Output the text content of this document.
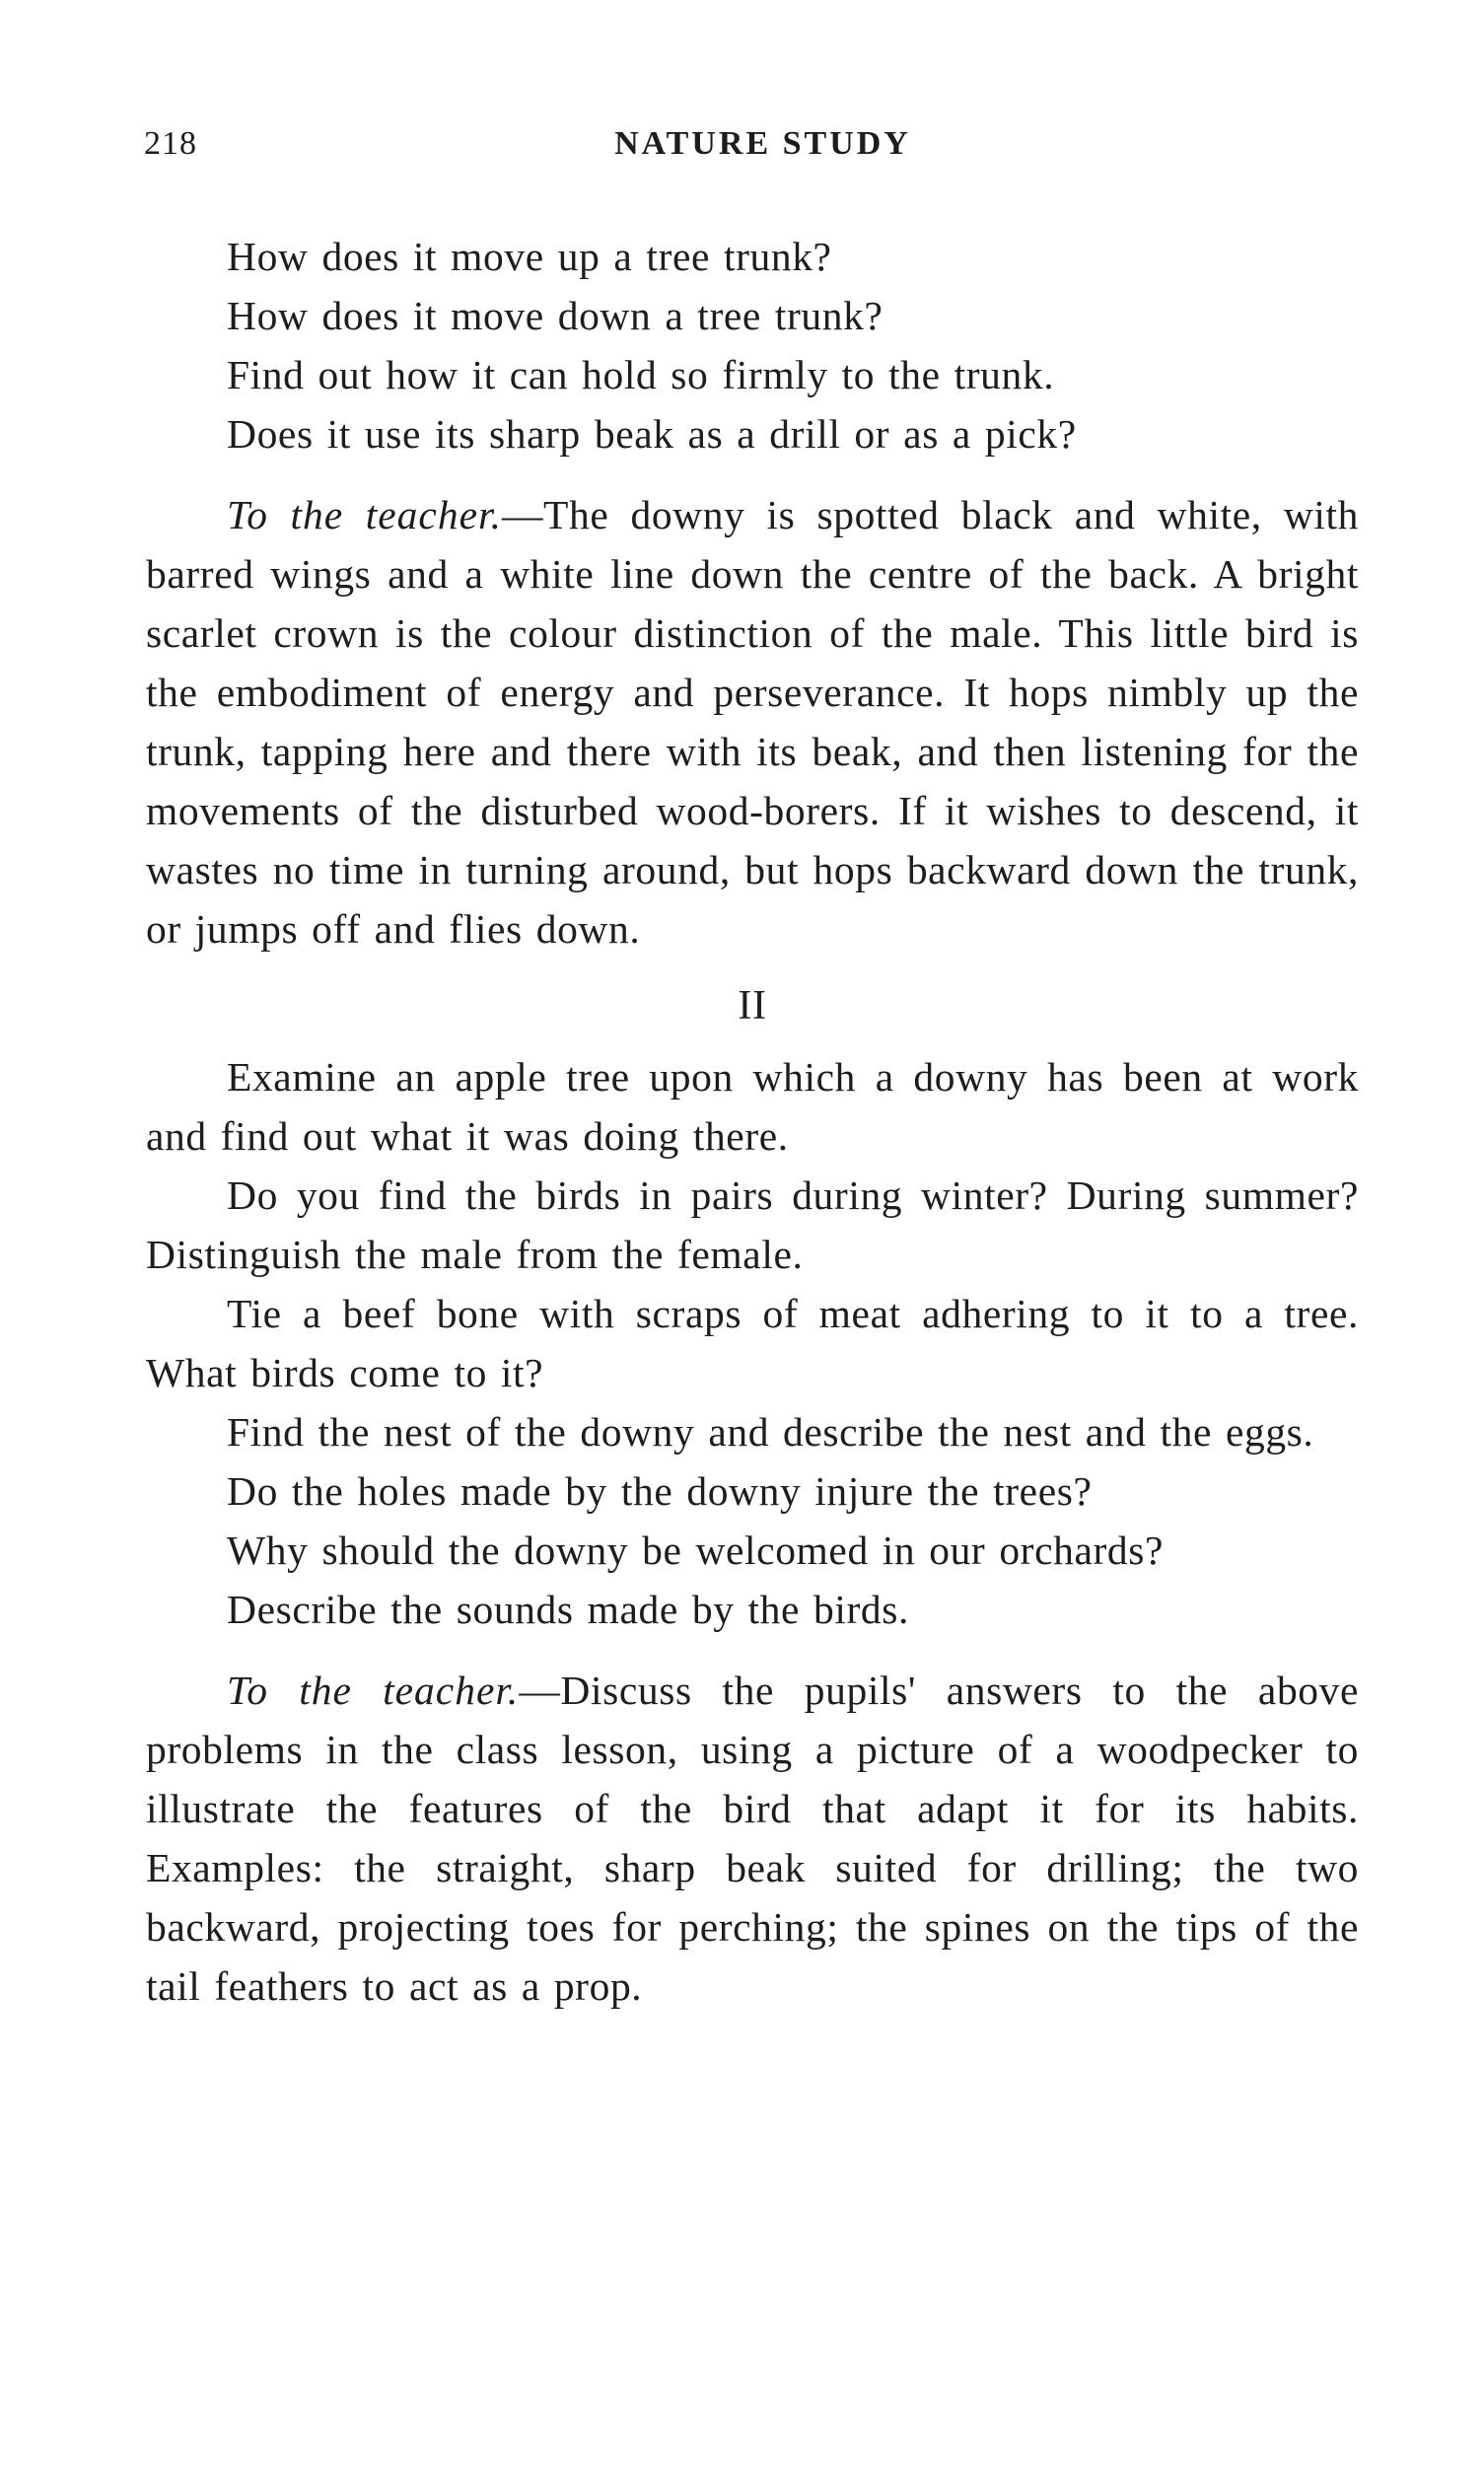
218	NATURE STUDY

How does it move up a tree trunk?

How does it move down a tree trunk?

Find out how it can hold so firmly to the trunk.

Does it use its sharp beak as a drill or as a pick?

To the teacher.—The downy is spotted black and white, with barred wings and a white line down the centre of the back. A bright scarlet crown is the colour distinction of the male. This little bird is the embodiment of energy and perseverance. It hops nimbly up the trunk, tapping here and there with its beak, and then listening for the movements of the disturbed wood-borers. If it wishes to descend, it wastes no time in turning around, but hops backward down the trunk, or jumps off and flies down.

II

Examine an apple tree upon which a downy has been at work and find out what it was doing there.

Do you find the birds in pairs during winter? During summer? Distinguish the male from the female.

Tie a beef bone with scraps of meat adhering to it to a tree. What birds come to it?

Find the nest of the downy and describe the nest and the eggs.

Do the holes made by the downy injure the trees?

Why should the downy be welcomed in our orchards?

Describe the sounds made by the birds.

To the teacher.—Discuss the pupils' answers to the above problems in the class lesson, using a picture of a woodpecker to illustrate the features of the bird that adapt it for its habits. Examples: the straight, sharp beak suited for drilling; the two backward, projecting toes for perching; the spines on the tips of the tail feathers to act as a prop.
